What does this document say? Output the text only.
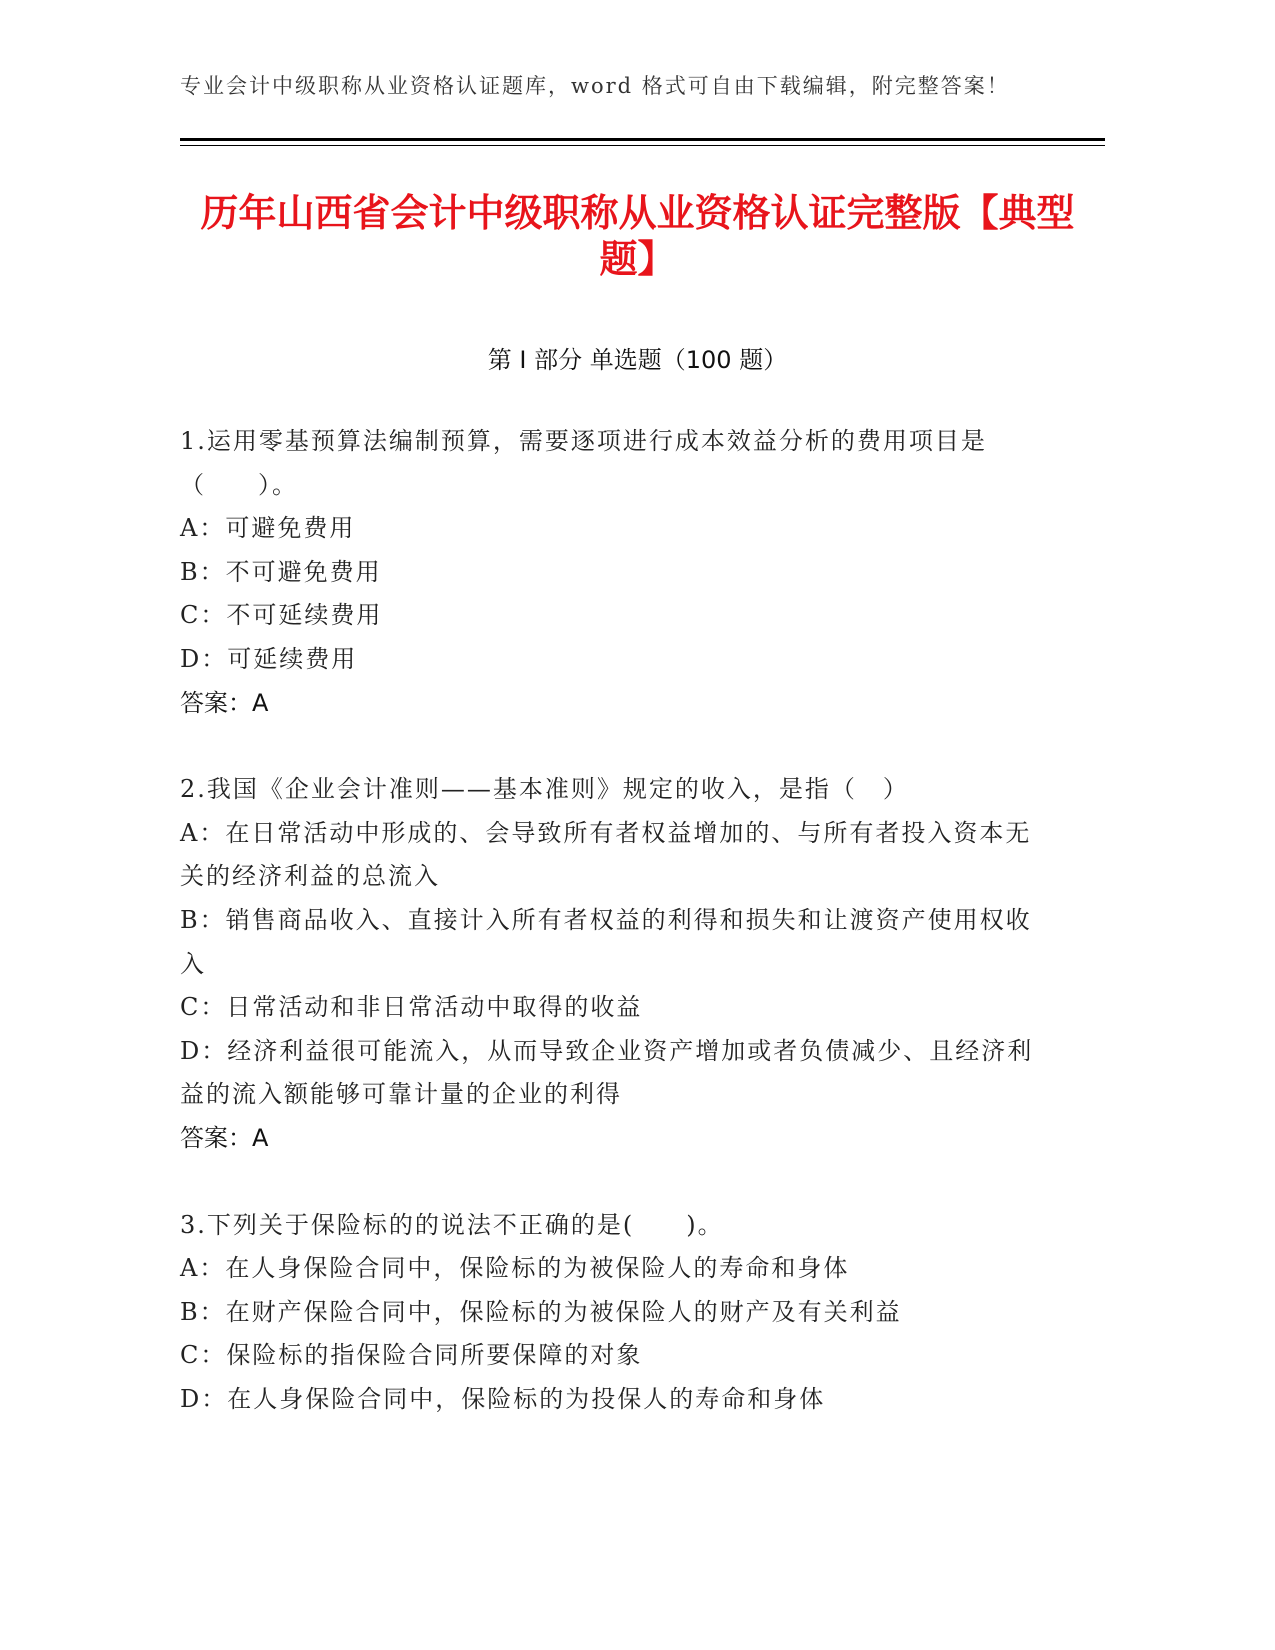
专业会计中级职称从业资格认证题库，word 格式可自由下载编辑，附完整答案！
历年山西省会计中级职称从业资格认证完整版【典型题】
第 I 部分 单选题（100 题）
1.运用零基预算法编制预算，需要逐项进行成本效益分析的费用项目是（　　）。
A：可避免费用
B：不可避免费用
C：不可延续费用
D：可延续费用
答案：A
2.我国《企业会计准则——基本准则》规定的收入，是指（　）
A：在日常活动中形成的、会导致所有者权益增加的、与所有者投入资本无关的经济利益的总流入
B：销售商品收入、直接计入所有者权益的利得和损失和让渡资产使用权收入
C：日常活动和非日常活动中取得的收益
D：经济利益很可能流入，从而导致企业资产增加或者负债减少、且经济利益的流入额能够可靠计量的企业的利得
答案：A
3.下列关于保险标的的说法不正确的是(　　)。
A：在人身保险合同中，保险标的为被保险人的寿命和身体
B：在财产保险合同中，保险标的为被保险人的财产及有关利益
C：保险标的指保险合同所要保障的对象
D：在人身保险合同中，保险标的为投保人的寿命和身体
